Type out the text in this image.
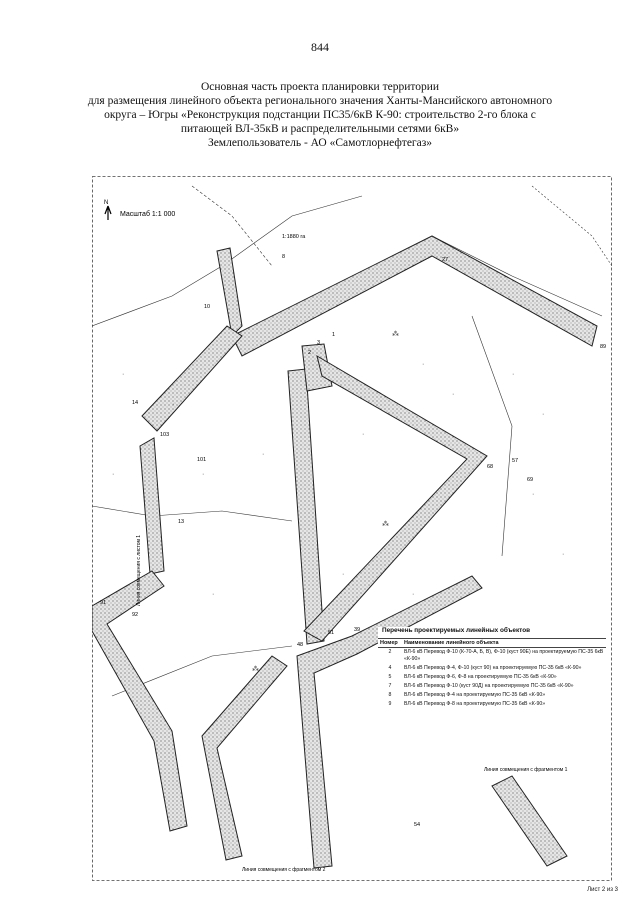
844
Основная часть проекта планировки территории
для размещения линейного объекта регионального значения Ханты-Мансийского автономного
округа – Югры «Реконструкция подстанции ПС35/6кВ К-90: строительство 2-го блока с
питающей ВЛ-35кВ и распределительными сетями 6кВ»
Землепользователь - АО «Самотлорнефтегаз»
⁂
·
·
·
·
⁂
⁂
·
·
·
·
·
·
·
·
·
·	·
8
10
101
103
13
1
3
2
14
92
91
39
57
68
69
89
54
48
27
51
N
Масштаб 1:1 000
1:1880 га
Линия совмещения с листом 1
Линия совмещения с фрагментом 2
Линия совмещения с фрагментом 1
Перечень проектируемых линейных объектов
Номер	Наименование линейного объекта
2	ВЛ-6 кВ Перевод Ф-10 (К-70-А, Б, В), Ф-10 (куст 90Е) на проектируемую ПС-35 6кВ «К-90»
4	ВЛ-6 кВ Перевод Ф-4, Ф-10 (куст 90) на проектируемую ПС-35 6кВ «К-90»
5	ВЛ-6 кВ Перевод Ф-6, Ф-8 на проектируемую ПС-35 6кВ «К-90»
7	ВЛ-6 кВ Перевод Ф-10 (куст 90Д) на проектируемую ПС-35 6кВ «К-90»
8	ВЛ-6 кВ Перевод Ф-4 на проектируемую ПС-35 6кВ «К-90»
9	ВЛ-6 кВ Перевод Ф-8 на проектируемую ПС-35 6кВ «К-90»
Лист 2 из 3
